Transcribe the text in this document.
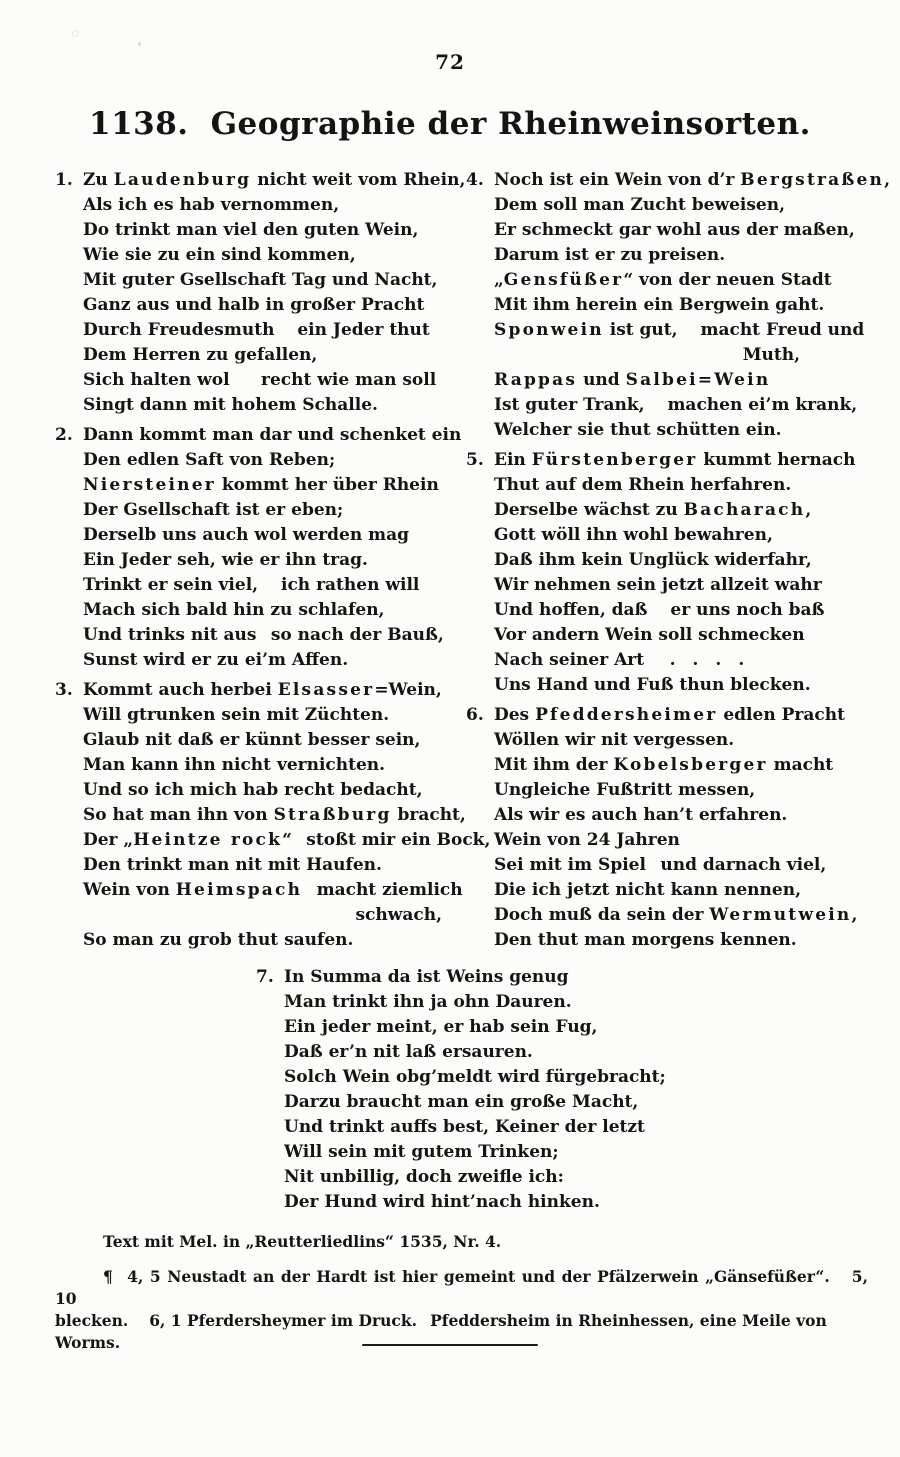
72
1138. Geographie der Rheinweinsorten.
1. Zu Laudenburg nicht weit vom Rhein,
Als ich es hab vernommen,
Do trinkt man viel den guten Wein,
Wie sie zu ein sind kommen,
Mit guter Gsellschaft Tag und Nacht,
Ganz aus und halb in großer Pracht
Durch Freudesmuth  ein Jeder thut
Dem Herren zu gefallen,
Sich halten wol   recht wie man soll
Singt dann mit hohem Schalle.
2. Dann kommt man dar und schenket ein
Den edlen Saft von Reben;
Niersteiner kommt her über Rhein
Der Gsellschaft ist er eben;
Derselb uns auch wol werden mag
Ein Jeder seh, wie er ihn trag.
Trinkt er sein viel,  ich rathen will
Mach sich bald hin zu schlafen,
Und trinks nit aus  so nach der Bauß,
Sunst wird er zu ei’m Affen.
3. Kommt auch herbei Elsasser=Wein,
Will gtrunken sein mit Züchten.
Glaub nit daß er künnt besser sein,
Man kann ihn nicht vernichten.
Und so ich mich hab recht bedacht,
So hat man ihn von Straßburg bracht,
Der „Heintze rock“  stoßt mir ein Bock,
Den trinkt man nit mit Haufen.
Wein von Heimspach  macht ziemlich
schwach,
So man zu grob thut saufen.
4. Noch ist ein Wein von d’r Bergstraßen,
Dem soll man Zucht beweisen,
Er schmeckt gar wohl aus der maßen,
Darum ist er zu preisen.
„Gensfüßer“ von der neuen Stadt
Mit ihm herein ein Bergwein gaht.
Sponwein ist gut,  macht Freud und
Muth,
Rappas und Salbei=Wein
Ist guter Trank,  machen ei’m krank,
Welcher sie thut schütten ein.
5. Ein Fürstenberger kummt hernach
Thut auf dem Rhein herfahren.
Derselbe wächst zu Bacharach,
Gott wöll ihn wohl bewahren,
Daß ihm kein Unglück widerfahr,
Wir nehmen sein jetzt allzeit wahr
Und hoffen, daß  er uns noch baß
Vor andern Wein soll schmecken
Nach seiner Art  . . . .
Uns Hand und Fuß thun blecken.
6. Des Pfeddersheimer edlen Pracht
Wöllen wir nit vergessen.
Mit ihm der Kobelsberger macht
Ungleiche Fußtritt messen,
Als wir es auch han’t erfahren.
Wein von 24 Jahren
Sei mit im Spiel  und darnach viel,
Die ich jetzt nicht kann nennen,
Doch muß da sein der Wermutwein,
Den thut man morgens kennen.
7. In Summa da ist Weins genug
Man trinkt ihn ja ohn Dauren.
Ein jeder meint, er hab sein Fug,
Daß er’n nit laß ersauren.
Solch Wein obg’meldt wird fürgebracht;
Darzu braucht man ein große Macht,
Und trinkt auffs best, Keiner der letzt
Will sein mit gutem Trinken;
Nit unbillig, doch zweifle ich:
Der Hund wird hint’nach hinken.

Text mit Mel. in „Reutterliedlins“ 1535, Nr. 4.

¶  4, 5 Neustadt an der Hardt ist hier gemeint und der Pfälzerwein „Gänsefüßer“.  5, 10

blecken.  6, 1 Pferdersheymer im Druck.  Pfeddersheim in Rheinhessen, eine Meile von Worms.
